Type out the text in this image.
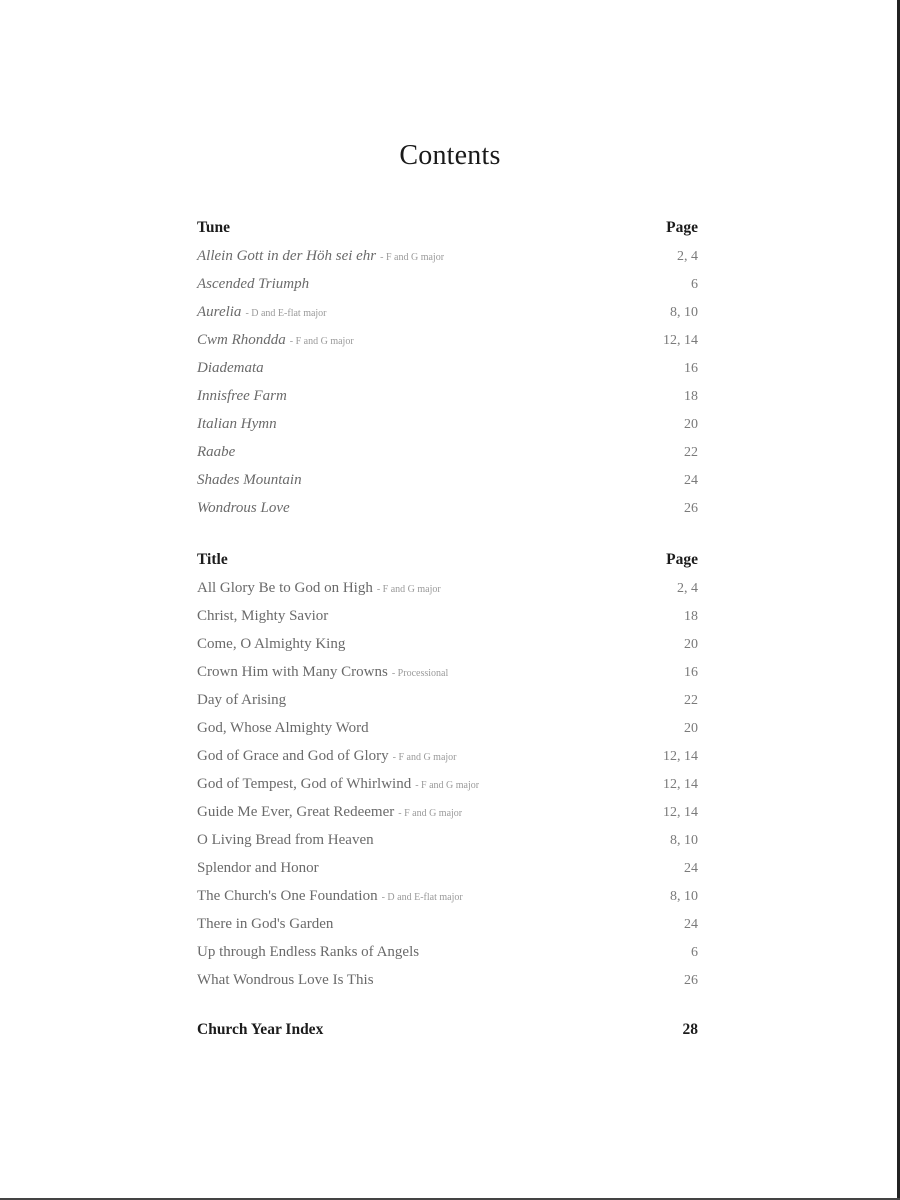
Contents
Tune	Page
Allein Gott in der Höh sei ehr - F and G major	2, 4
Ascended Triumph	6
Aurelia - D and E-flat major	8, 10
Cwm Rhondda - F and G major	12, 14
Diademata	16
Innisfree Farm	18
Italian Hymn	20
Raabe	22
Shades Mountain	24
Wondrous Love	26
Title	Page
All Glory Be to God on High - F and G major	2, 4
Christ, Mighty Savior	18
Come, O Almighty King	20
Crown Him with Many Crowns - Processional	16
Day of Arising	22
God, Whose Almighty Word	20
God of Grace and God of Glory - F and G major	12, 14
God of Tempest, God of Whirlwind - F and G major	12, 14
Guide Me Ever, Great Redeemer - F and G major	12, 14
O Living Bread from Heaven	8, 10
Splendor and Honor	24
The Church's One Foundation - D and E-flat major	8, 10
There in God's Garden	24
Up through Endless Ranks of Angels	6
What Wondrous Love Is This	26
Church Year Index	28
